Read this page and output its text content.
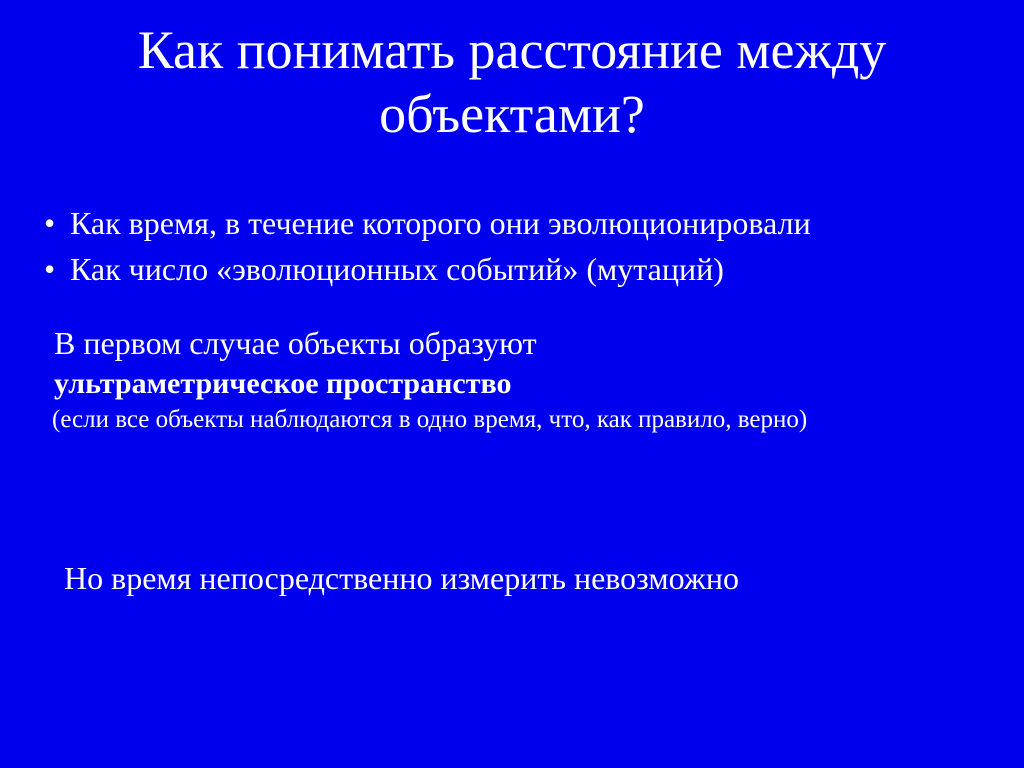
Как понимать расстояние между
объектами?
• Как время, в течение которого они эволюционировали
• Как число «эволюционных событий» (мутаций)
В первом случае объекты образуют
ультраметрическое пространство
(если все объекты наблюдаются в одно время, что, как правило, верно)
Но время непосредственно измерить невозможно
